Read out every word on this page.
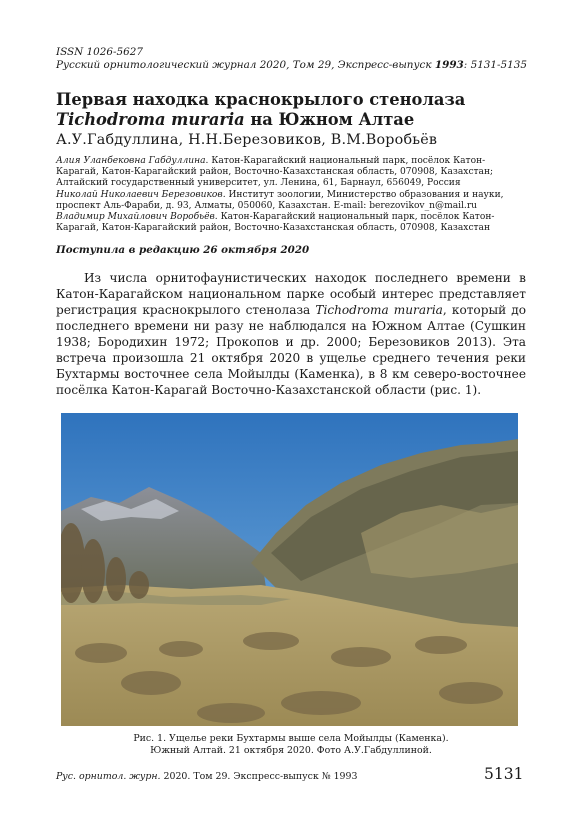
ISSN 1026-5627
Русский орнитологический журнал 2020, Том 29, Экспресс-выпуск 1993: 5131-5135
Первая находка краснокрылого стенолаза
Tichodroma muraria на Южном Алтае
А.У.Габдуллина, Н.Н.Березовиков, В.М.Воробьёв

Алия Уланбековна Габдуллина. Катон-Карагайский национальный парк, посёлок Катон-Карагай, Катон-Карагайский район, Восточно-Казахстанская область, 070908, Казахстан; Алтайский государственный университет, ул. Ленина, 61, Барнаул, 656049, Россия

Николай Николаевич Березовиков. Институт зоологии, Министерство образования и науки, проспект Аль-Фараби, д. 93, Алматы, 050060, Казахстан. E-mail: berezovikov_n@mail.ru

Владимир Михайлович Воробьёв. Катон-Карагайский национальный парк, посёлок Катон-Карагай, Катон-Карагайский район, Восточно-Казахстанская область, 070908, Казахстан

Поступила в редакцию 26 октября 2020

Из числа орнитофаунистических находок последнего времени в Катон-Карагайском национальном парке особый интерес представляет регистрация краснокрылого стенолаза Tichodroma muraria, который до последнего времени ни разу не наблюдался на Южном Алтае (Сушкин 1938; Бородихин 1972; Прокопов и др. 2000; Березовиков 2013). Эта встреча произошла 21 октября 2020 в ущелье среднего течения реки Бухтармы восточнее села Мойылды (Каменка), в 8 км северо-восточнее посёлка Катон-Карагай Восточно-Казахстанской области (рис. 1).

Рис. 1. Ущелье реки Бухтармы выше села Мойылды (Каменка).
Южный Алтай. 21 октября 2020. Фото А.У.Габдуллиной.
Рус. орнитол. журн. 2020. Том 29. Экспресс-выпуск № 1993	5131
